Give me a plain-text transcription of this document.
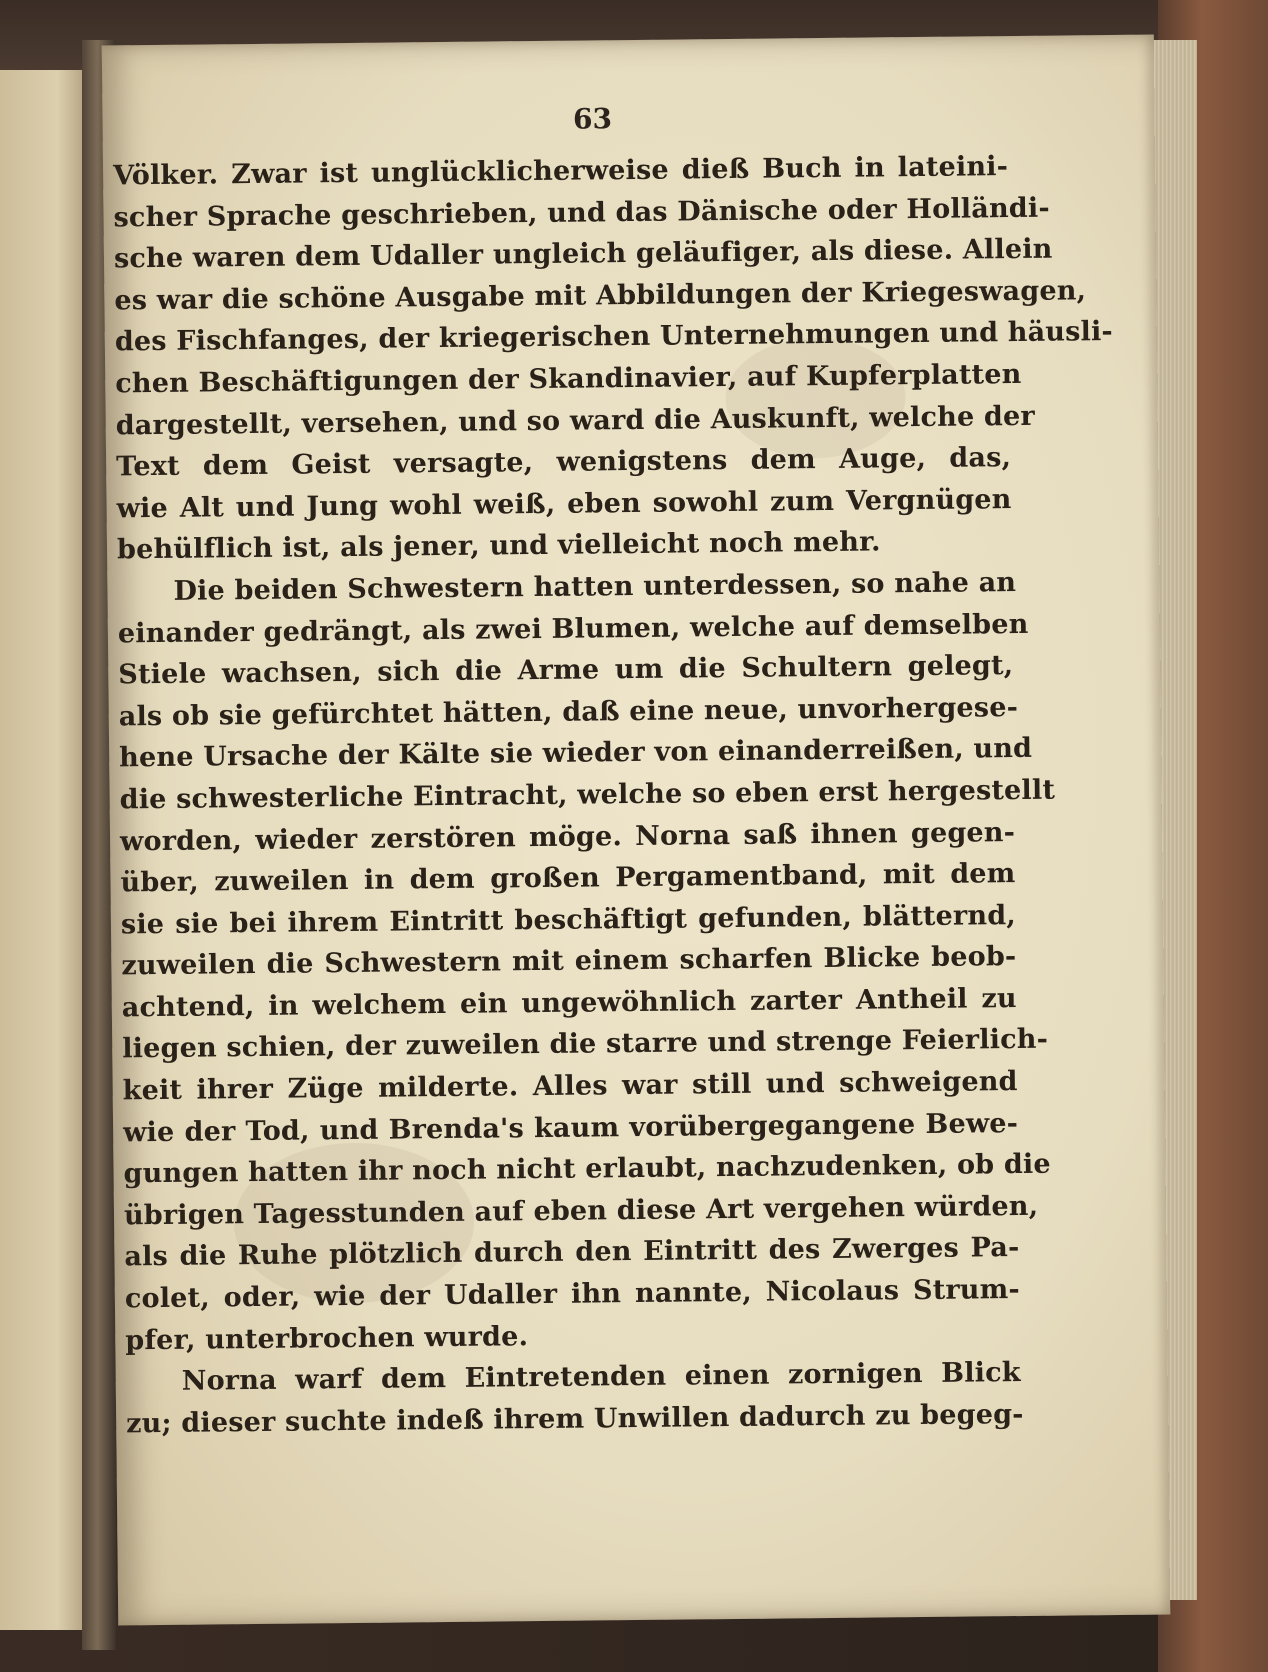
63
Völker. Zwar ist unglücklicherweise dieß Buch in lateini-
scher Sprache geschrieben, und das Dänische oder Holländi-
sche waren dem Udaller ungleich geläufiger, als diese. Allein
es war die schöne Ausgabe mit Abbildungen der Kriegeswagen,
des Fischfanges, der kriegerischen Unternehmungen und häusli-
chen Beschäftigungen der Skandinavier, auf Kupferplatten
dargestellt, versehen, und so ward die Auskunft, welche der
Text dem Geist versagte, wenigstens dem Auge, das,
wie Alt und Jung wohl weiß, eben sowohl zum Vergnügen
behülflich ist, als jener, und vielleicht noch mehr.
Die beiden Schwestern hatten unterdessen, so nahe an
einander gedrängt, als zwei Blumen, welche auf demselben
Stiele wachsen, sich die Arme um die Schultern gelegt,
als ob sie gefürchtet hätten, daß eine neue, unvorhergese-
hene Ursache der Kälte sie wieder von einanderreißen, und
die schwesterliche Eintracht, welche so eben erst hergestellt
worden, wieder zerstören möge. Norna saß ihnen gegen-
über, zuweilen in dem großen Pergamentband, mit dem
sie sie bei ihrem Eintritt beschäftigt gefunden, blätternd,
zuweilen die Schwestern mit einem scharfen Blicke beob-
achtend, in welchem ein ungewöhnlich zarter Antheil zu
liegen schien, der zuweilen die starre und strenge Feierlich-
keit ihrer Züge milderte. Alles war still und schweigend
wie der Tod, und Brenda's kaum vorübergegangene Bewe-
gungen hatten ihr noch nicht erlaubt, nachzudenken, ob die
übrigen Tagesstunden auf eben diese Art vergehen würden,
als die Ruhe plötzlich durch den Eintritt des Zwerges Pa-
colet, oder, wie der Udaller ihn nannte, Nicolaus Strum-
pfer, unterbrochen wurde.
Norna warf dem Eintretenden einen zornigen Blick
zu; dieser suchte indeß ihrem Unwillen dadurch zu begeg-
